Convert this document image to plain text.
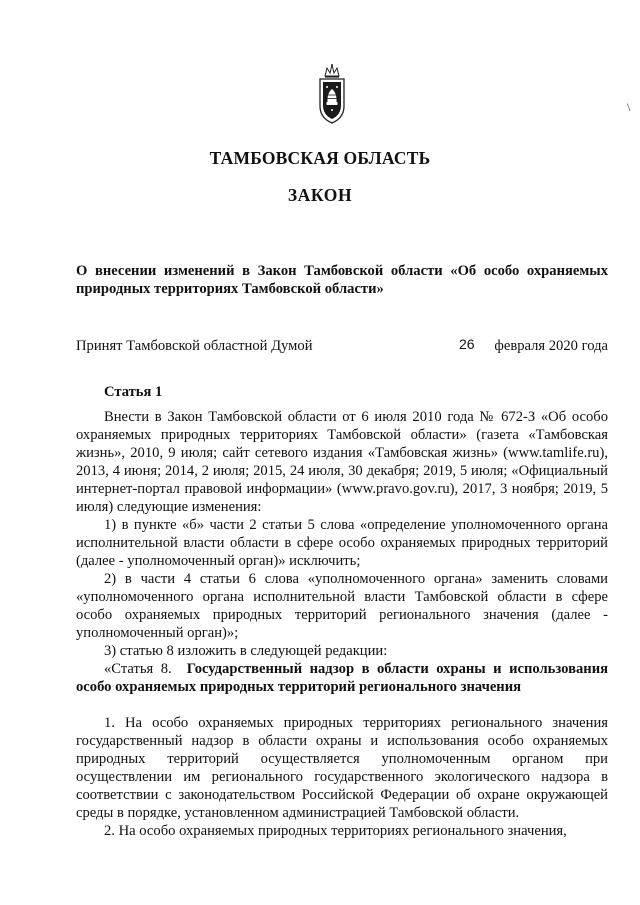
\
ТАМБОВСКАЯ ОБЛАСТЬ
ЗАКОН

О внесении изменений в Закон Тамбовской области «Об особо охраняемых природных территориях Тамбовской области»

Принят Тамбовской областной Думой	26 февраля 2020 года
Статья 1

Внести в Закон Тамбовской области от 6 июля 2010 года № 672-З «Об особо охраняемых природных территориях Тамбовской области» (газета «Тамбовская жизнь», 2010, 9 июля; сайт сетевого издания «Тамбовская жизнь» (www.tamlife.ru), 2013, 4 июня; 2014, 2 июля; 2015, 24 июля, 30 декабря; 2019, 5 июля; «Официальный интернет-портал правовой информации» (www.pravo.gov.ru), 2017, 3 ноября; 2019, 5 июля) следующие изменения:

1) в пункте «б» части 2 статьи 5 слова «определение уполномоченного органа исполнительной власти области в сфере особо охраняемых природных территорий (далее - уполномоченный орган)» исключить;

2) в части 4 статьи 6 слова «уполномоченного органа» заменить словами «уполномоченного органа исполнительной власти Тамбовской области в сфере особо охраняемых природных территорий регионального значения (далее - уполномоченный орган)»;

3) статью 8 изложить в следующей редакции:

«Статья 8. Государственный надзор в области охраны и использования особо охраняемых природных территорий регионального значения

1. На особо охраняемых природных территориях регионального значения государственный надзор в области охраны и использования особо охраняемых природных территорий осуществляется уполномоченным органом при осуществлении им регионального государственного экологического надзора в соответствии с законодательством Российской Федерации об охране окружающей среды в порядке, установленном администрацией Тамбовской области.

2. На особо охраняемых природных территориях регионального значения,
